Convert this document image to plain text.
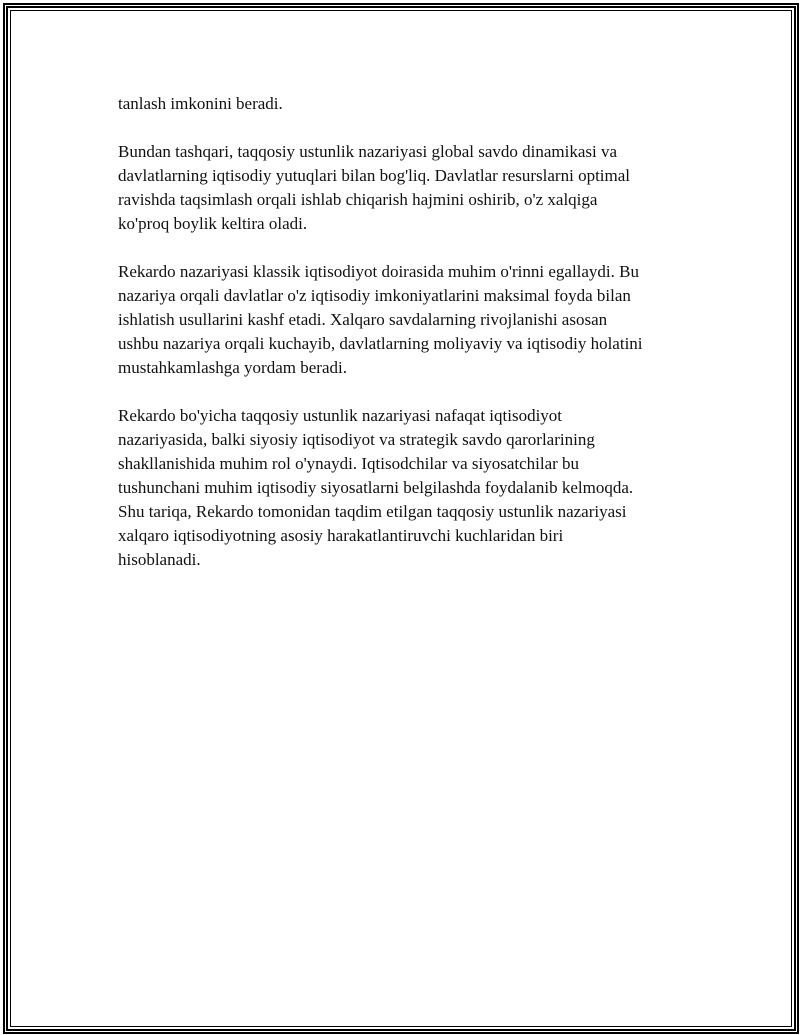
tanlash imkonini beradi.

Bundan tashqari, taqqosiy ustunlik nazariyasi global savdo dinamikasi va
davlatlarning iqtisodiy yutuqlari bilan bog'liq. Davlatlar resurslarni optimal
ravishda taqsimlash orqali ishlab chiqarish hajmini oshirib, o'z xalqiga
ko'proq boylik keltira oladi.

Rekardo nazariyasi klassik iqtisodiyot doirasida muhim o'rinni egallaydi. Bu
nazariya orqali davlatlar o'z iqtisodiy imkoniyatlarini maksimal foyda bilan
ishlatish usullarini kashf etadi. Xalqaro savdalarning rivojlanishi asosan
ushbu nazariya orqali kuchayib, davlatlarning moliyaviy va iqtisodiy holatini
mustahkamlashga yordam beradi.

Rekardo bo'yicha taqqosiy ustunlik nazariyasi nafaqat iqtisodiyot
nazariyasida, balki siyosiy iqtisodiyot va strategik savdo qarorlarining
shakllanishida muhim rol o'ynaydi. Iqtisodchilar va siyosatchilar bu
tushunchani muhim iqtisodiy siyosatlarni belgilashda foydalanib kelmoqda.
Shu tariqa, Rekardo tomonidan taqdim etilgan taqqosiy ustunlik nazariyasi
xalqaro iqtisodiyotning asosiy harakatlantiruvchi kuchlaridan biri
hisoblanadi.
